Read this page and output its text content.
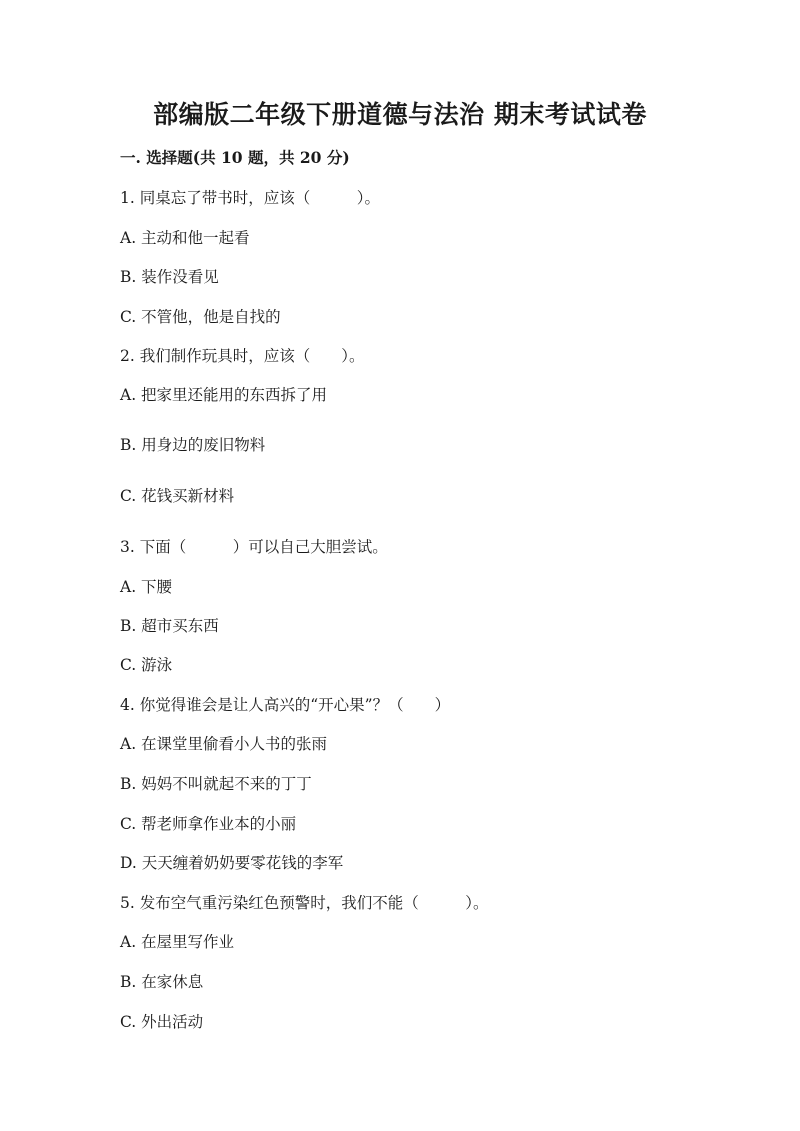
部编版二年级下册道德与法治 期末考试试卷
一. 选择题(共 10 题，共 20 分)
1. 同桌忘了带书时，应该（　　　）。
A. 主动和他一起看
B. 装作没看见
C. 不管他，他是自找的
2. 我们制作玩具时，应该（　　）。
A. 把家里还能用的东西拆了用
B. 用身边的废旧物料
C. 花钱买新材料
3. 下面（　　　）可以自己大胆尝试。
A. 下腰
B. 超市买东西
C. 游泳
4. 你觉得谁会是让人高兴的“开心果”？（　　）
A. 在课堂里偷看小人书的张雨
B. 妈妈不叫就起不来的丁丁
C. 帮老师拿作业本的小丽
D. 天天缠着奶奶要零花钱的李军
5. 发布空气重污染红色预警时，我们不能（　　　）。
A. 在屋里写作业
B. 在家休息
C. 外出活动
